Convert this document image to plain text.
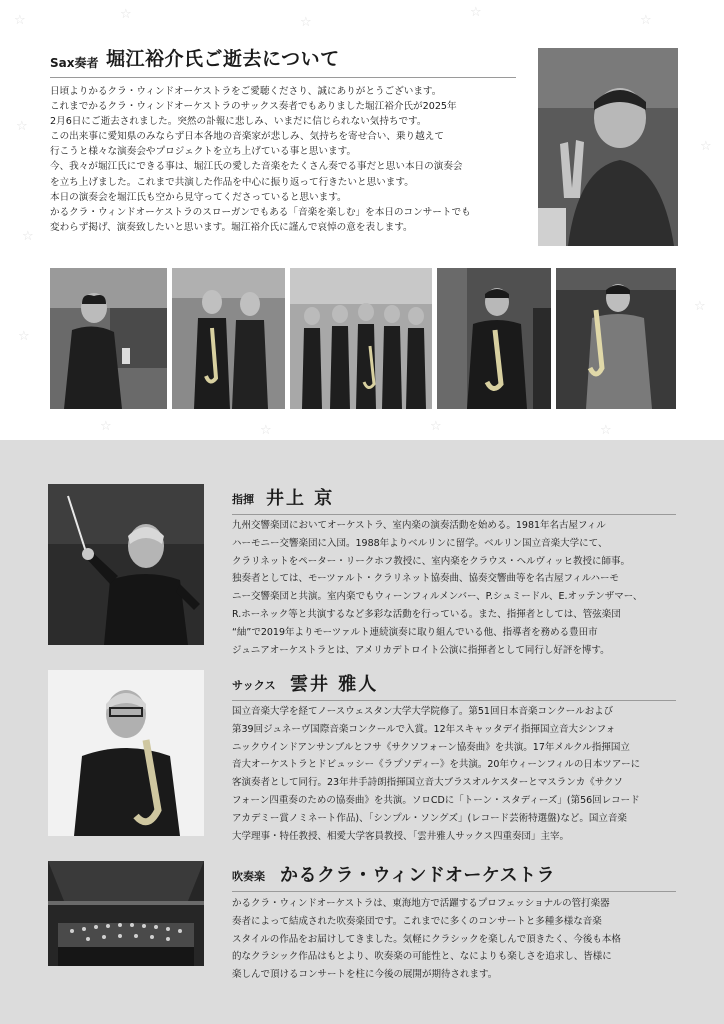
☆	☆
☆
☆
☆
☆
☆
☆
☆
☆
☆	☆	☆	☆
Sax奏者 堀江裕介氏ご逝去について
日頃よりかるクラ・ウィンドオーケストラをご愛聴くださり、誠にありがとうございます。
これまでかるクラ・ウィンドオーケストラのサックス奏者でもありました堀江裕介氏が2025年
2月6日にご逝去されました。突然の訃報に悲しみ、いまだに信じられない気持ちです。
この出来事に愛知県のみならず日本各地の音楽家が悲しみ、気持ちを寄せ合い、乗り越えて
行こうと様々な演奏会やプロジェクトを立ち上げている事と思います。
今、我々が堀江氏にできる事は、堀江氏の愛した音楽をたくさん奏でる事だと思い本日の演奏会
を立ち上げました。これまで共演した作品を中心に振り返って行きたいと思います。
本日の演奏会を堀江氏も空から見守ってくださっていると思います。
かるクラ・ウィンドオーケストラのスローガンでもある「音楽を楽しむ」を本日のコンサートでも
変わらず掲げ、演奏致したいと思います。堀江裕介氏に謹んで哀悼の意を表します。
指揮 井上 京
九州交響楽団においてオーケストラ、室内楽の演奏活動を始める。1981年名古屋フィル
ハーモニー交響楽団に入団。1988年よりベルリンに留学。ベルリン国立音楽大学にて、
クラリネットをペーター・リークホフ教授に、室内楽をクラウス・ヘルヴィッヒ教授に師事。
独奏者としては、モーツァルト・クラリネット協奏曲、協奏交響曲等を名古屋フィルハーモ
ニー交響楽団と共演。室内楽でもウィーンフィルメンバー、P.シュミードル、E.オッテンザマー、
R.ホーネック等と共演するなど多彩な活動を行っている。また、指揮者としては、管弦楽団
“紬”で2019年よりモーツァルト連続演奏に取り組んでいる他、指導者を務める豊田市
ジュニアオーケストラとは、アメリカデトロイト公演に指揮者として同行し好評を博す。
サックス 雲井 雅人
国立音楽大学を経てノースウェスタン大学大学院修了。第51回日本音楽コンクールおよび
第39回ジュネーヴ国際音楽コンクールで入賞。12年スキャッタデイ指揮国立音大シンフォ
ニックウインドアンサンブルとフサ《サクソフォーン協奏曲》を共演。17年メルクル指揮国立
音大オーケストラとドビュッシー《ラプソディー》を共演。20年ウィーンフィルの日本ツアーに
客演奏者として同行。23年井手詩朗指揮国立音大ブラスオルケスターとマスランカ《サクソ
フォーン四重奏のための協奏曲》を共演。ソロCDに「トーン・スタディーズ」(第56回レコード
アカデミー賞ノミネート作品)、「シンプル・ソングズ」(レコード芸術特選盤)など。国立音楽
大学理事・特任教授、相愛大学客員教授、「雲井雅人サックス四重奏団」主宰。
吹奏楽 かるクラ・ウィンドオーケストラ
かるクラ・ウィンドオーケストラは、東海地方で活躍するプロフェッショナルの管打楽器
奏者によって結成された吹奏楽団です。これまでに多くのコンサートと多種多様な音楽
スタイルの作品をお届けしてきました。気軽にクラシックを楽しんで頂きたく、今後も本格
的なクラシック作品はもとより、吹奏楽の可能性と、なによりも楽しさを追求し、皆様に
楽しんで頂けるコンサートを柱に今後の展開が期待されます。
